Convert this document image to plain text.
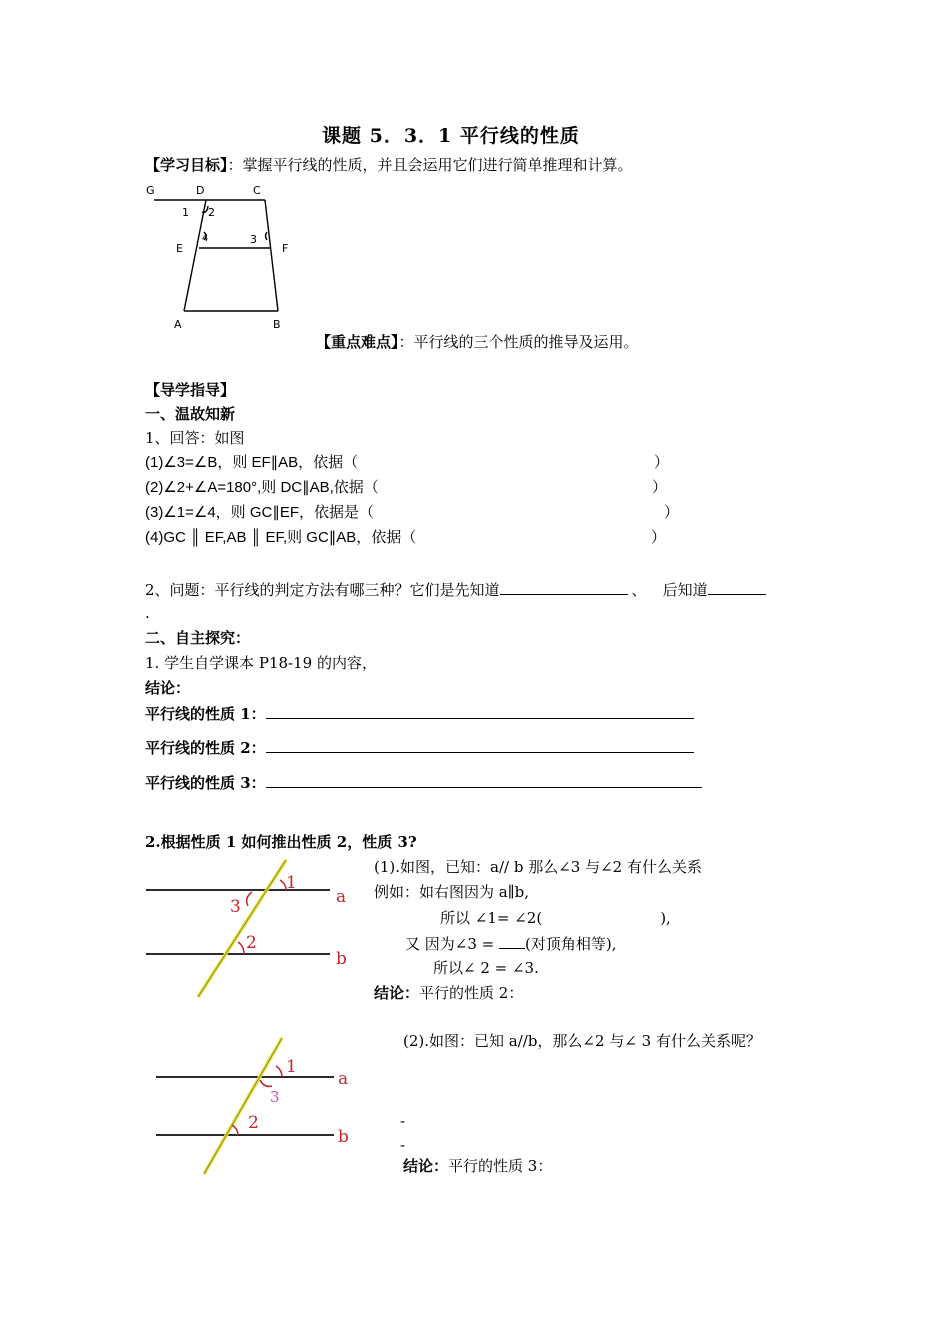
课题 5．3．1 平行线的性质
【学习目标】：掌握平行线的性质，并且会运用它们进行简单推理和计算。
G	D	C
1 2
E
4	3
F
A	B
【重点难点】：平行线的三个性质的推导及运用。
【导学指导】
一、温故知新
1、回答：如图
(1)∠3=∠B，则 EF∥AB，依据（	）
(2)∠2+∠A=180°,则 DC∥AB,依据（	）
(3)∠1=∠4，则 GC∥EF，依据是（	）
(4)GC ║ EF,AB ║ EF,则 GC∥AB，依据（	）
2、问题：平行线的判定方法有哪三种？它们是先知道	、 后知道
.
二、自主探究：
1. 学生自学课本 P18-19 的内容，
结论：
平行线的性质 1：
平行线的性质 2：
平行线的性质 3：
2.根据性质 1 如何推出性质 2，性质 3?
1
3
2
a
b
(1).如图，已知：a// b 那么∠3 与∠2 有什么关系
例如：如右图因为 a∥b,
所以 ∠1= ∠2(	),
又 因为∠3 = (对顶角相等),
所以∠ 2 = ∠3.
结论：平行的性质 2：
1
3
2
a
b
(2).如图：已知 a//b，那么∠2 与∠ 3 有什么关系呢？
-
-
结论：平行的性质 3：
